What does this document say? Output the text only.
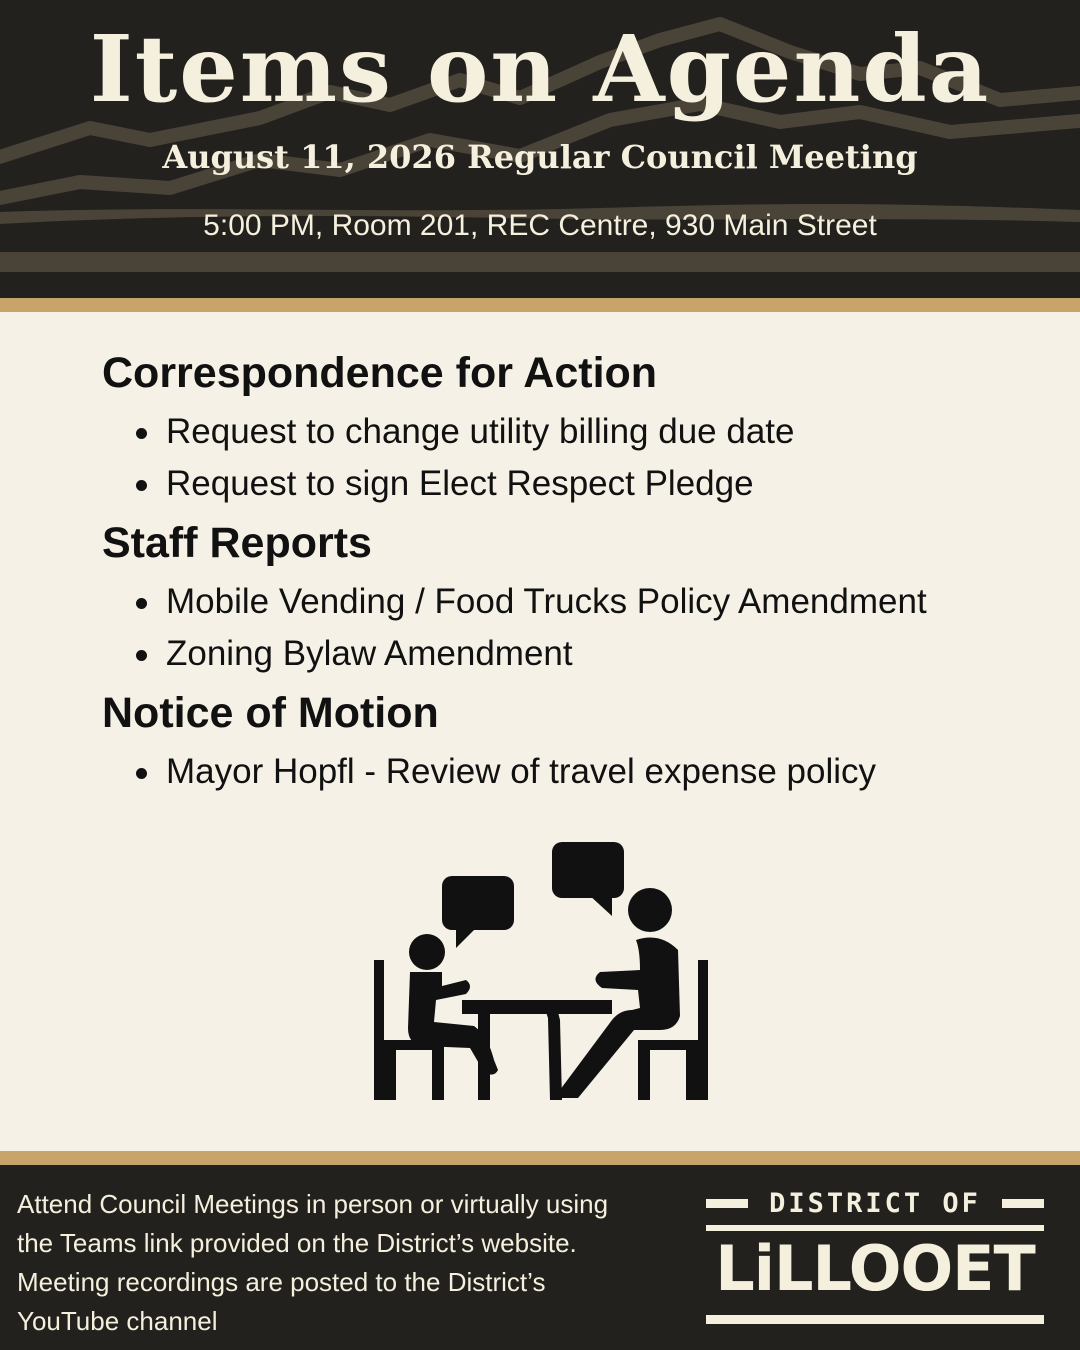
Items on Agenda
August 11, 2026 Regular Council Meeting
5:00 PM, Room 201, REC Centre, 930 Main Street
Correspondence for Action
Request to change utility billing due date
Request to sign Elect Respect Pledge
Staff Reports
Mobile Vending / Food Trucks Policy Amendment
Zoning Bylaw Amendment
Notice of Motion
Mayor Hopfl - Review of travel expense policy
Attend Council Meetings in person or virtually using the Teams link provided on the District’s website. Meeting recordings are posted to the District’s YouTube channel
DISTRICT OF
LiLLOOET
